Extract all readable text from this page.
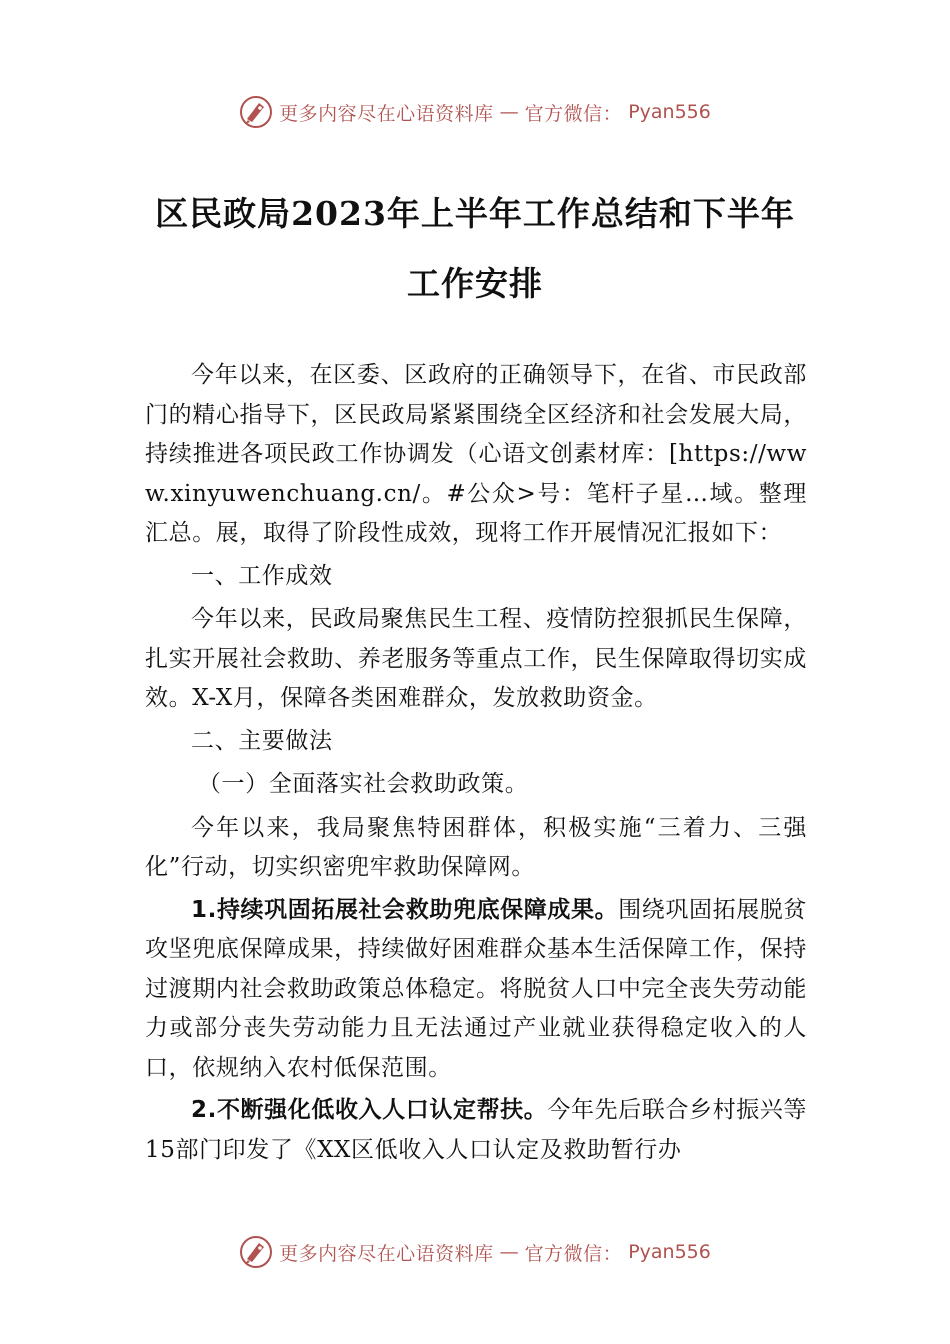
更多内容尽在心语资料库 — 官方微信： Pyan556
区民政局2023年上半年工作总结和下半年
工作安排

今年以来，在区委、区政府的正确领导下，在省、市民政部门的精心指导下，区民政局紧紧围绕全区经济和社会发展大局，持续推进各项民政工作协调发（心语文创素材库：[https://www.xinyuwenchuang.cn/。#公众>号：笔杆子星…域。整理汇总。展，取得了阶段性成效，现将工作开展情况汇报如下：

一、工作成效

今年以来，民政局聚焦民生工程、疫情防控狠抓民生保障，扎实开展社会救助、养老服务等重点工作，民生保障取得切实成效。X-X月，保障各类困难群众，发放救助资金。

二、主要做法

（一）全面落实社会救助政策。

今年以来，我局聚焦特困群体，积极实施“三着力、三强化”行动，切实织密兜牢救助保障网。

1.持续巩固拓展社会救助兜底保障成果。围绕巩固拓展脱贫攻坚兜底保障成果，持续做好困难群众基本生活保障工作，保持过渡期内社会救助政策总体稳定。将脱贫人口中完全丧失劳动能力或部分丧失劳动能力且无法通过产业就业获得稳定收入的人口，依规纳入农村低保范围。

2.不断强化低收入人口认定帮扶。今年先后联合乡村振兴等15部门印发了《XX区低收入人口认定及救助暂行办

更多内容尽在心语资料库 — 官方微信： Pyan556
